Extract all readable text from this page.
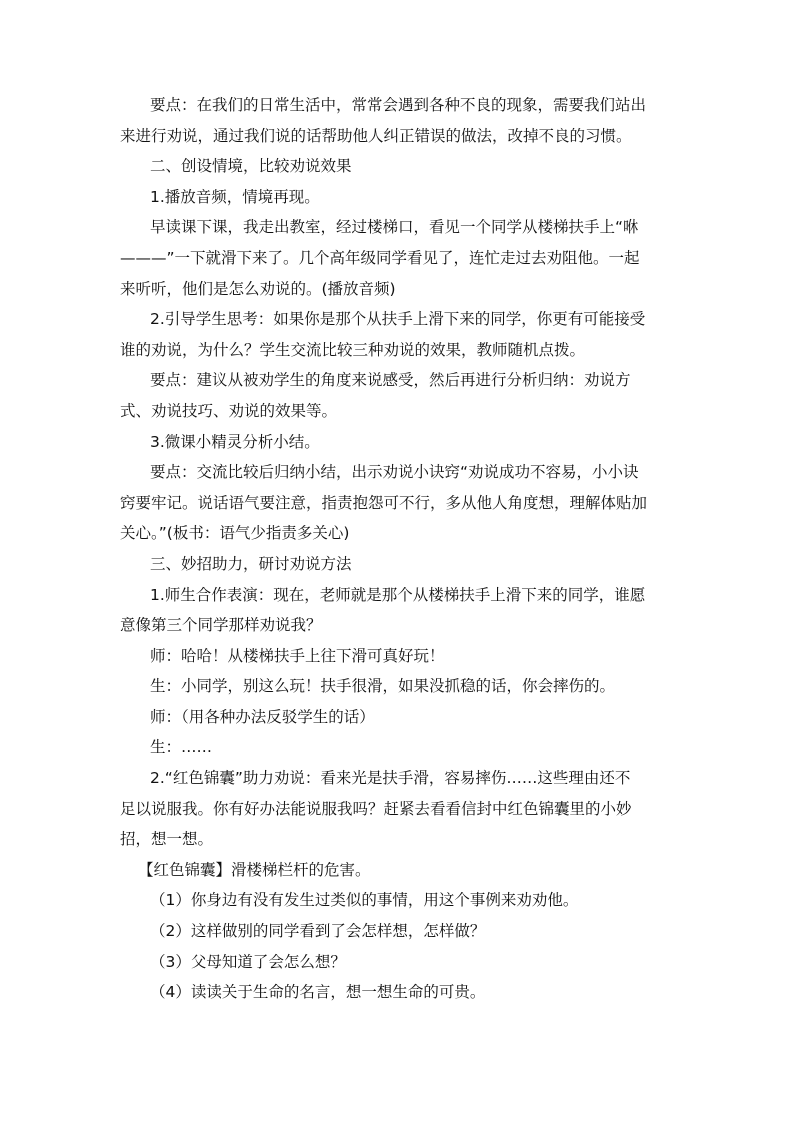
要点：在我们的日常生活中，常常会遇到各种不良的现象，需要我们站出

来进行劝说，通过我们说的话帮助他人纠正错误的做法，改掉不良的习惯。

二、创设情境，比较劝说效果

1.播放音频，情境再现。

早读课下课，我走出教室，经过楼梯口，看见一个同学从楼梯扶手上“咻

———”一下就滑下来了。几个高年级同学看见了，连忙走过去劝阻他。一起

来听听，他们是怎么劝说的。(播放音频)

2.引导学生思考：如果你是那个从扶手上滑下来的同学，你更有可能接受

谁的劝说，为什么？学生交流比较三种劝说的效果，教师随机点拨。

要点：建议从被劝学生的角度来说感受，然后再进行分析归纳：劝说方

式、劝说技巧、劝说的效果等。

3.微课小精灵分析小结。

要点：交流比较后归纳小结，出示劝说小诀窍“劝说成功不容易，小小诀

窍要牢记。说话语气要注意，指责抱怨可不行，多从他人角度想，理解体贴加

关心。”(板书：语气少指责多关心)

三、妙招助力，研讨劝说方法

1.师生合作表演：现在，老师就是那个从楼梯扶手上滑下来的同学，谁愿

意像第三个同学那样劝说我？

师：哈哈！从楼梯扶手上往下滑可真好玩！

生：小同学，别这么玩！扶手很滑，如果没抓稳的话，你会摔伤的。

师：（用各种办法反驳学生的话）

生：……

2.“红色锦囊”助力劝说：看来光是扶手滑，容易摔伤……这些理由还不

足以说服我。你有好办法能说服我吗？赶紧去看看信封中红色锦囊里的小妙

招，想一想。

【红色锦囊】滑楼梯栏杆的危害。

（1）你身边有没有发生过类似的事情，用这个事例来劝劝他。

（2）这样做别的同学看到了会怎样想，怎样做？

（3）父母知道了会怎么想？

（4）读读关于生命的名言，想一想生命的可贵。
